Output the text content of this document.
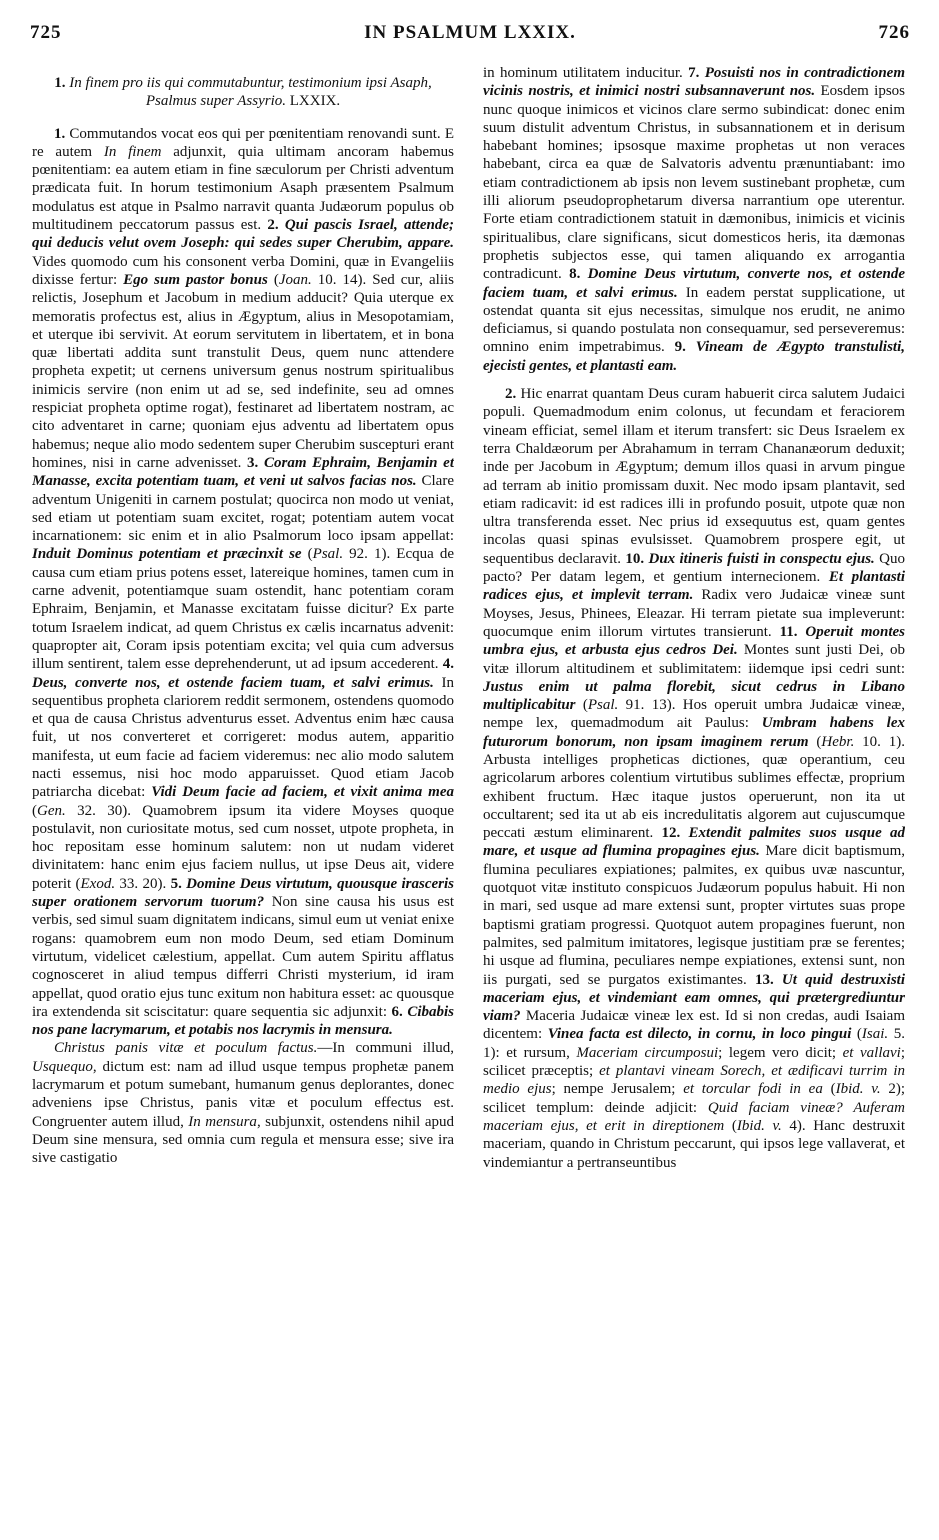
725	IN PSALMUM LXXIX.	726

1. In finem pro iis qui commutabuntur, testimonium ipsi Asaph, Psalmus super Assyrio. LXXIX.

1. Commutandos vocat eos qui per pœnitentiam renovandi sunt. E re autem In finem adjunxit, quia ultimam ancoram habemus pœnitentiam: ea autem etiam in fine sæculorum per Christi adventum prædicata fuit. In horum testimonium Asaph præsentem Psalmum modulatus est atque in Psalmo narravit quanta Judæorum populus ob multitudinem peccatorum passus est. 2. Qui pascis Israel, attende; qui deducis velut ovem Joseph: qui sedes super Cherubim, appare. Vides quomodo cum his consonent verba Domini, quæ in Evangeliis dixisse fertur: Ego sum pastor bonus (Joan. 10. 14). Sed cur, aliis relictis, Josephum et Jacobum in medium adducit? Quia uterque ex memoratis profectus est, alius in Ægyptum, alius in Mesopotamiam, et uterque ibi servivit. At eorum servitutem in libertatem, et in bona quæ libertati addita sunt transtulit Deus, quem nunc attendere propheta expetit; ut cernens universum genus nostrum spiritualibus inimicis servire (non enim ut ad se, sed indefinite, seu ad omnes respiciat propheta optime rogat), festinaret ad libertatem nostram, ac cito adventaret in carne; quoniam ejus adventu ad libertatem opus habemus; neque alio modo sedentem super Cherubim suscepturi erant homines, nisi in carne advenisset. 3. Coram Ephraim, Benjamin et Manasse, excita potentiam tuam, et veni ut salvos facias nos. Clare adventum Unigeniti in carnem postulat; quocirca non modo ut veniat, sed etiam ut potentiam suam excitet, rogat; potentiam autem vocat incarnationem: sic enim et in alio Psalmorum loco ipsam appellat: Induit Dominus potentiam et præcinxit se (Psal. 92. 1). Ecqua de causa cum etiam prius potens esset, latereique homines, tamen cum in carne advenit, potentiamque suam ostendit, hanc potentiam coram Ephraim, Benjamin, et Manasse excitatam fuisse dicitur? Ex parte totum Israelem indicat, ad quem Christus ex cælis incarnatus advenit: quapropter ait, Coram ipsis potentiam excita; vel quia cum adversus illum sentirent, talem esse deprehenderunt, ut ad ipsum accederent. 4. Deus, converte nos, et ostende faciem tuam, et salvi erimus. In sequentibus propheta clariorem reddit sermonem, ostendens quomodo et qua de causa Christus adventurus esset. Adventus enim hæc causa fuit, ut nos converteret et corrigeret: modus autem, apparitio manifesta, ut eum facie ad faciem videremus: nec alio modo salutem nacti essemus, nisi hoc modo apparuisset. Quod etiam Jacob patriarcha dicebat: Vidi Deum facie ad faciem, et vixit anima mea (Gen. 32. 30). Quamobrem ipsum ita videre Moyses quoque postulavit, non curiositate motus, sed cum nosset, utpote propheta, in hoc repositam esse hominum salutem: non ut nudam videret divinitatem: hanc enim ejus faciem nullus, ut ipse Deus ait, videre poterit (Exod. 33. 20). 5. Domine Deus virtutum, quousque irasceris super orationem servorum tuorum? Non sine causa his usus est verbis, sed simul suam dignitatem indicans, simul eum ut veniat enixe rogans: quamobrem eum non modo Deum, sed etiam Dominum virtutum, videlicet cælestium, appellat. Cum autem Spiritu afflatus cognosceret in aliud tempus differri Christi mysterium, id iram appellat, quod oratio ejus tunc exitum non habitura esset: ac quousque ira extendenda sit sciscitatur: quare sequentia sic adjunxit: 6. Cibabis nos pane lacrymarum, et potabis nos lacrymis in mensura.

Christus panis vitæ et poculum factus.—In communi illud, Usquequo, dictum est: nam ad illud usque tempus prophetæ panem lacrymarum et potum sumebant, humanum genus deplorantes, donec adveniens ipse Christus, panis vitæ et poculum effectus est. Congruenter autem illud, In mensura, subjunxit, ostendens nihil apud Deum sine mensura, sed omnia cum regula et mensura esse; sive ira sive castigatio

in hominum utilitatem inducitur. 7. Posuisti nos in contradictionem vicinis nostris, et inimici nostri subsannaverunt nos. Eosdem ipsos nunc quoque inimicos et vicinos clare sermo subindicat: donec enim suum distulit adventum Christus, in subsannationem et in derisum habebant homines; ipsosque maxime prophetas ut non veraces habebant, circa ea quæ de Salvatoris adventu prænuntiabant: imo etiam contradictionem ab ipsis non levem sustinebant prophetæ, cum illi aliorum pseudoprophetarum diversa narrantium ope uterentur. Forte etiam contradictionem statuit in dæmonibus, inimicis et vicinis spiritualibus, clare significans, sicut domesticos heris, ita dæmonas prophetis subjectos esse, qui tamen aliquando ex arrogantia contradicunt. 8. Domine Deus virtutum, converte nos, et ostende faciem tuam, et salvi erimus. In eadem perstat supplicatione, ut ostendat quanta sit ejus necessitas, simulque nos erudit, ne animo deficiamus, si quando postulata non consequamur, sed perseveremus: omnino enim impetrabimus. 9. Vineam de Ægypto transtulisti, ejecisti gentes, et plantasti eam.

2. Hic enarrat quantam Deus curam habuerit circa salutem Judaici populi. Quemadmodum enim colonus, ut fecundam et feraciorem vineam efficiat, semel illam et iterum transfert: sic Deus Israelem ex terra Chaldæorum per Abrahamum in terram Chananæorum deduxit; inde per Jacobum in Ægyptum; demum illos quasi in arvum pingue ad terram ab initio promissam duxit. Nec modo ipsam plantavit, sed etiam radicavit: id est radices illi in profundo posuit, utpote quæ non ultra transferenda esset. Nec prius id exsequutus est, quam gentes incolas quasi spinas evulsisset. Quamobrem prospere egit, ut sequentibus declaravit. 10. Dux itineris fuisti in conspectu ejus. Quo pacto? Per datam legem, et gentium internecionem. Et plantasti radices ejus, et implevit terram. Radix vero Judaicæ vineæ sunt Moyses, Jesus, Phinees, Eleazar. Hi terram pietate sua impleverunt: quocumque enim illorum virtutes transierunt. 11. Operuit montes umbra ejus, et arbusta ejus cedros Dei. Montes sunt justi Dei, ob vitæ illorum altitudinem et sublimitatem: iidemque ipsi cedri sunt: Justus enim ut palma florebit, sicut cedrus in Libano multiplicabitur (Psal. 91. 13). Hos operuit umbra Judaicæ vineæ, nempe lex, quemadmodum ait Paulus: Umbram habens lex futurorum bonorum, non ipsam imaginem rerum (Hebr. 10. 1). Arbusta intelliges propheticas dictiones, quæ operantium, ceu agricolarum arbores colentium virtutibus sublimes effectæ, proprium exhibent fructum. Hæc itaque justos operuerunt, non ita ut occultarent; sed ita ut ab eis incredulitatis algorem aut cujuscumque peccati æstum eliminarent. 12. Extendit palmites suos usque ad mare, et usque ad flumina propagines ejus. Mare dicit baptismum, flumina peculiares expiationes; palmites, ex quibus uvæ nascuntur, quotquot vitæ instituto conspicuos Judæorum populus habuit. Hi non in mari, sed usque ad mare extensi sunt, propter virtutes suas prope baptismi gratiam progressi. Quotquot autem propagines fuerunt, non palmites, sed palmitum imitatores, legisque justitiam præ se ferentes; hi usque ad flumina, peculiares nempe expiationes, extensi sunt, non iis purgati, sed se purgatos existimantes. 13. Ut quid destruxisti maceriam ejus, et vindemiant eam omnes, qui prætergrediuntur viam? Maceria Judaicæ vineæ lex est. Id si non credas, audi Isaiam dicentem: Vinea facta est dilecto, in cornu, in loco pingui (Isai. 5. 1): et rursum, Maceriam circumposui; legem vero dicit; et vallavi; scilicet præceptis; et plantavi vineam Sorech, et ædificavi turrim in medio ejus; nempe Jerusalem; et torcular fodi in ea (Ibid. v. 2); scilicet templum: deinde adjicit: Quid faciam vineæ? Auferam maceriam ejus, et erit in direptionem (Ibid. v. 4). Hanc destruxit maceriam, quando in Christum peccarunt, qui ipsos lege vallaverat, et vindemiantur a pertranseuntibus
